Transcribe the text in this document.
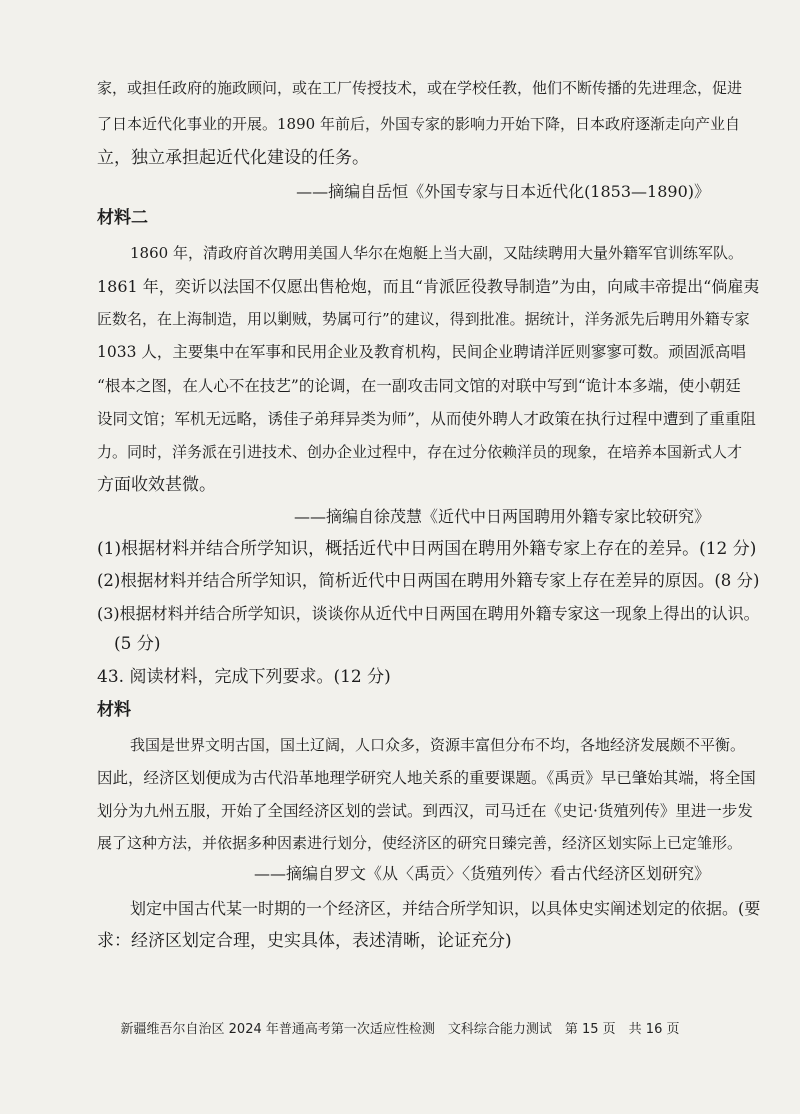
家，或担任政府的施政顾问，或在工厂传授技术，或在学校任教，他们不断传播的先进理念，促进
了日本近代化事业的开展。1890 年前后，外国专家的影响力开始下降，日本政府逐渐走向产业自
立，独立承担起近代化建设的任务。
——摘编自岳恒《外国专家与日本近代化(1853—1890)》
材料二
1860 年，清政府首次聘用美国人华尔在炮艇上当大副，又陆续聘用大量外籍军官训练军队。
1861 年，奕䜣以法国不仅愿出售枪炮，而且“肯派匠役教导制造”为由，向咸丰帝提出“倘雇夷
匠数名，在上海制造，用以剿贼，势属可行”的建议，得到批准。据统计，洋务派先后聘用外籍专家
1033 人，主要集中在军事和民用企业及教育机构，民间企业聘请洋匠则寥寥可数。顽固派高唱
“根本之图，在人心不在技艺”的论调，在一副攻击同文馆的对联中写到“诡计本多端，使小朝廷
设同文馆；军机无远略，诱佳子弟拜异类为师”，从而使外聘人才政策在执行过程中遭到了重重阻
力。同时，洋务派在引进技术、创办企业过程中，存在过分依赖洋员的现象，在培养本国新式人才
方面收效甚微。
——摘编自徐茂慧《近代中日两国聘用外籍专家比较研究》
(1)根据材料并结合所学知识，概括近代中日两国在聘用外籍专家上存在的差异。(12 分)
(2)根据材料并结合所学知识，简析近代中日两国在聘用外籍专家上存在差异的原因。(8 分)
(3)根据材料并结合所学知识，谈谈你从近代中日两国在聘用外籍专家这一现象上得出的认识。
(5 分)
43. 阅读材料，完成下列要求。(12 分)
材料
我国是世界文明古国，国土辽阔，人口众多，资源丰富但分布不均，各地经济发展颇不平衡。
因此，经济区划便成为古代沿革地理学研究人地关系的重要课题。《禹贡》早已肇始其端，将全国
划分为九州五服，开始了全国经济区划的尝试。到西汉，司马迁在《史记·货殖列传》里进一步发
展了这种方法，并依据多种因素进行划分，使经济区的研究日臻完善，经济区划实际上已定雏形。
——摘编自罗文《从〈禹贡〉〈货殖列传〉看古代经济区划研究》
划定中国古代某一时期的一个经济区，并结合所学知识，以具体史实阐述划定的依据。(要
求：经济区划定合理，史实具体，表述清晰，论证充分)
新疆维吾尔自治区 2024 年普通高考第一次适应性检测　文科综合能力测试　第 15 页　共 16 页
